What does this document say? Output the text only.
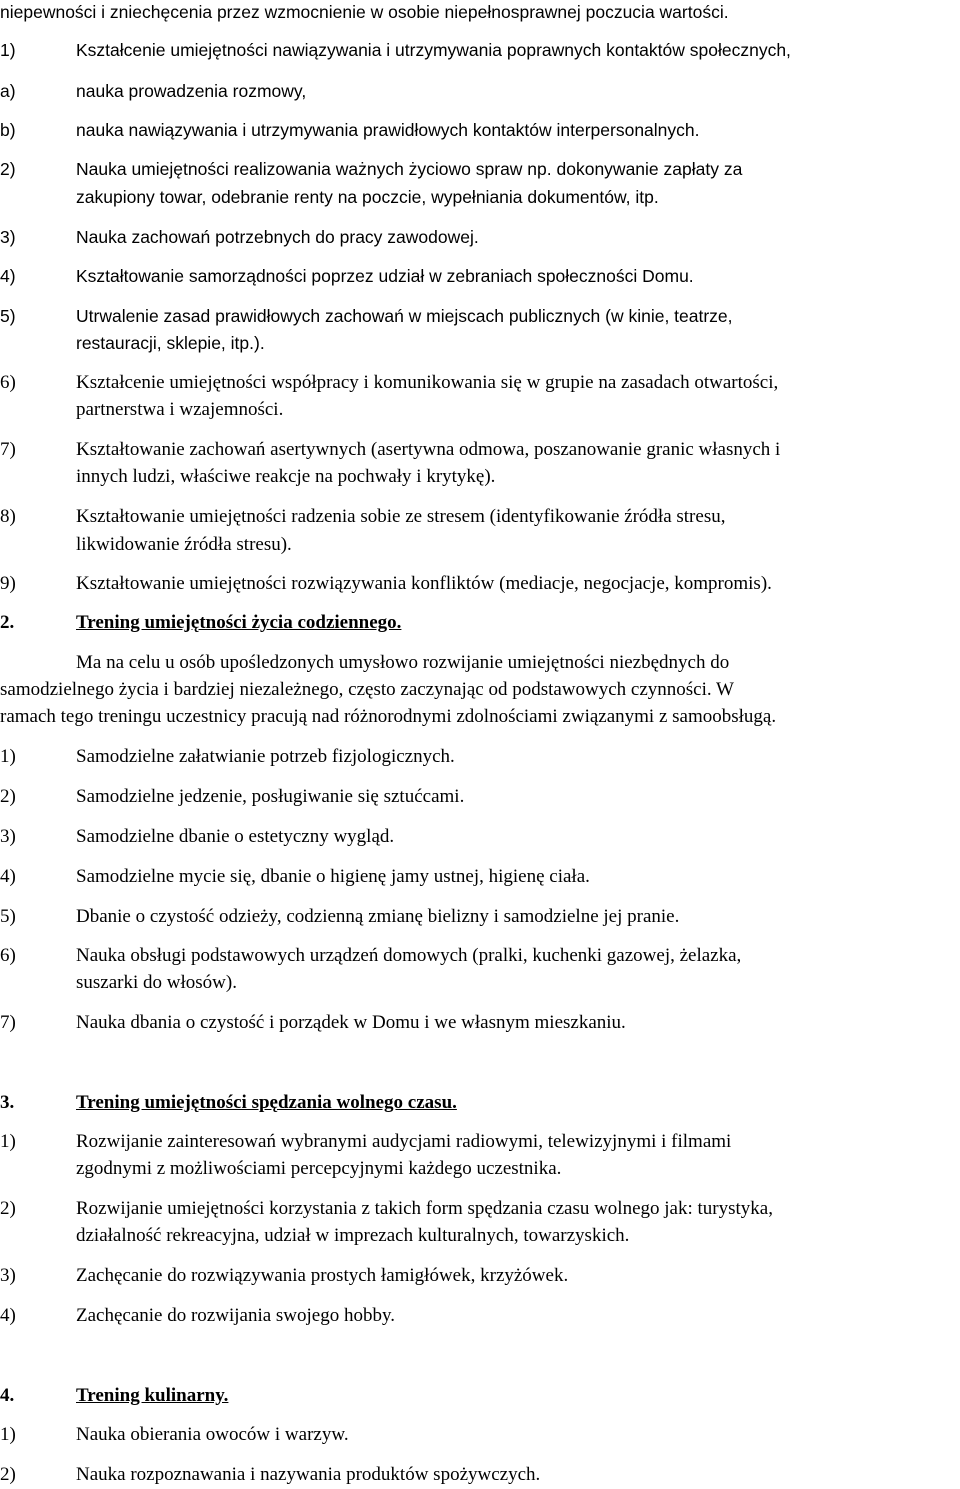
niepewności i zniechęcenia przez wzmocnienie w osobie niepełnosprawnej poczucia wartości.
1)	Kształcenie umiejętności nawiązywania i utrzymywania poprawnych kontaktów społecznych,
a)	nauka prowadzenia rozmowy,
b)	nauka nawiązywania i utrzymywania prawidłowych kontaktów interpersonalnych.
2)	Nauka umiejętności realizowania ważnych życiowo spraw np. dokonywanie zapłaty za
zakupiony towar, odebranie renty na poczcie, wypełniania dokumentów, itp.
3)	Nauka zachowań potrzebnych do pracy zawodowej.
4)	Kształtowanie samorządności poprzez udział w zebraniach społeczności Domu.
5)	Utrwalenie zasad prawidłowych zachowań w miejscach publicznych (w kinie, teatrze,
restauracji, sklepie, itp.).
6)	Kształcenie umiejętności współpracy i komunikowania się w grupie na zasadach otwartości,
partnerstwa i wzajemności.
7)	Kształtowanie zachowań asertywnych (asertywna odmowa, poszanowanie granic własnych i
innych ludzi, właściwe reakcje na pochwały i krytykę).
8)	Kształtowanie umiejętności radzenia sobie ze stresem (identyfikowanie źródła stresu,
likwidowanie źródła stresu).
9)	Kształtowanie umiejętności rozwiązywania konfliktów (mediacje, negocjacje, kompromis).
2.	Trening umiejętności życia codziennego.
Ma na celu u osób upośledzonych umysłowo rozwijanie umiejętności niezbędnych do
samodzielnego życia i bardziej niezależnego, często zaczynając od podstawowych czynności. W
ramach tego treningu uczestnicy pracują nad różnorodnymi zdolnościami związanymi z samoobsługą.
1)	Samodzielne załatwianie potrzeb fizjologicznych.
2)	Samodzielne jedzenie, posługiwanie się sztućcami.
3)	Samodzielne dbanie o estetyczny wygląd.
4)	Samodzielne mycie się, dbanie o higienę jamy ustnej, higienę ciała.
5)	Dbanie o czystość odzieży, codzienną zmianę bielizny i samodzielne jej pranie.
6)	Nauka obsługi podstawowych urządzeń domowych (pralki, kuchenki gazowej, żelazka,
suszarki do włosów).
7)	Nauka dbania o czystość i porządek w Domu i we własnym mieszkaniu.
3.	Trening umiejętności spędzania wolnego czasu.
1)	Rozwijanie zainteresowań wybranymi audycjami radiowymi, telewizyjnymi i filmami
zgodnymi z możliwościami percepcyjnymi każdego uczestnika.
2)	Rozwijanie umiejętności korzystania z takich form spędzania czasu wolnego jak: turystyka,
działalność rekreacyjna, udział w imprezach kulturalnych, towarzyskich.
3)	Zachęcanie do rozwiązywania prostych łamigłówek, krzyżówek.
4)	Zachęcanie do rozwijania swojego hobby.
4.	Trening kulinarny.
1)	Nauka obierania owoców i warzyw.
2)	Nauka rozpoznawania i nazywania produktów spożywczych.
